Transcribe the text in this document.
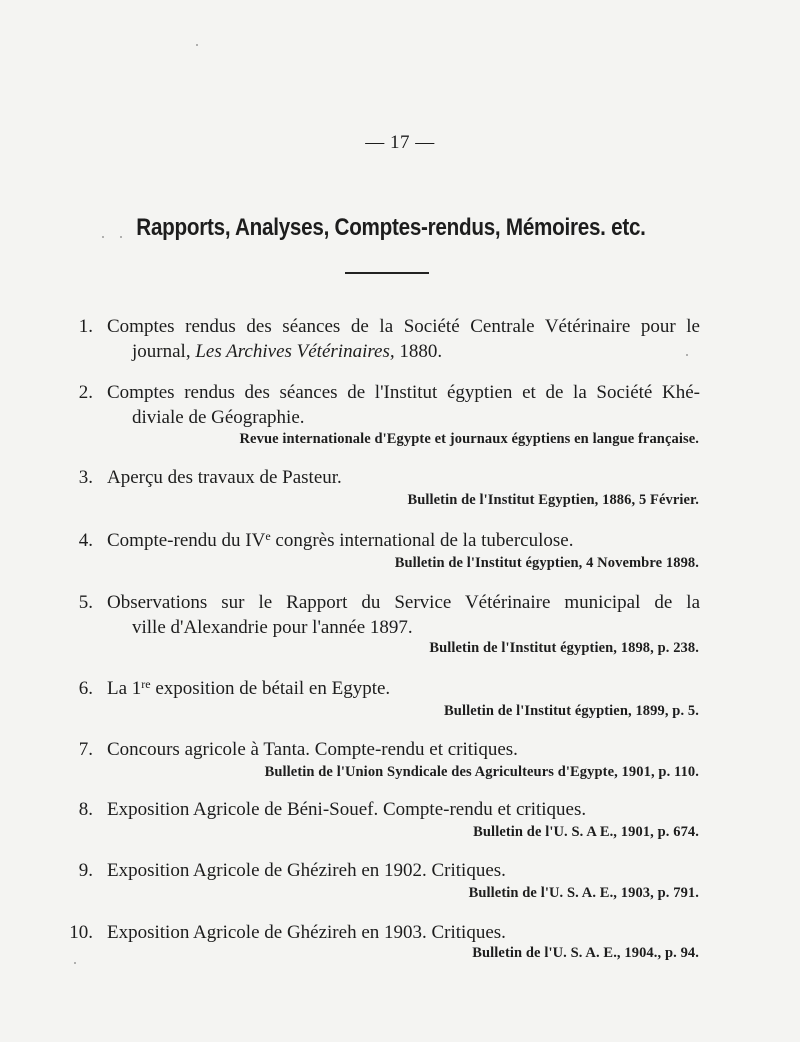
— 17 —
Rapports, Analyses, Comptes-rendus, Mémoires. etc.
1. Comptes rendus des séances de la Société Centrale Vétérinaire pour le
journal, Les Archives Vétérinaires, 1880.
2. Comptes rendus des séances de l'Institut égyptien et de la Société Khé-
diviale de Géographie.
Revue internationale d'Egypte et journaux égyptiens en langue française.
3. Aperçu des travaux de Pasteur.
Bulletin de l'Institut Egyptien, 1886, 5 Février.
4. Compte-rendu du IVe congrès international de la tuberculose.
Bulletin de l'Institut égyptien, 4 Novembre 1898.
5. Observations sur le Rapport du Service Vétérinaire municipal de la
ville d'Alexandrie pour l'année 1897.
Bulletin de l'Institut égyptien, 1898, p. 238.
6. La 1re exposition de bétail en Egypte.
Bulletin de l'Institut égyptien, 1899, p. 5.
7. Concours agricole à Tanta. Compte-rendu et critiques.
Bulletin de l'Union Syndicale des Agriculteurs d'Egypte, 1901, p. 110.
8. Exposition Agricole de Béni-Souef. Compte-rendu et critiques.
Bulletin de l'U. S. A E., 1901, p. 674.
9. Exposition Agricole de Ghézireh en 1902. Critiques.
Bulletin de l'U. S. A. E., 1903, p. 791.
10. Exposition Agricole de Ghézireh en 1903. Critiques.
Bulletin de l'U. S. A. E., 1904., p. 94.
